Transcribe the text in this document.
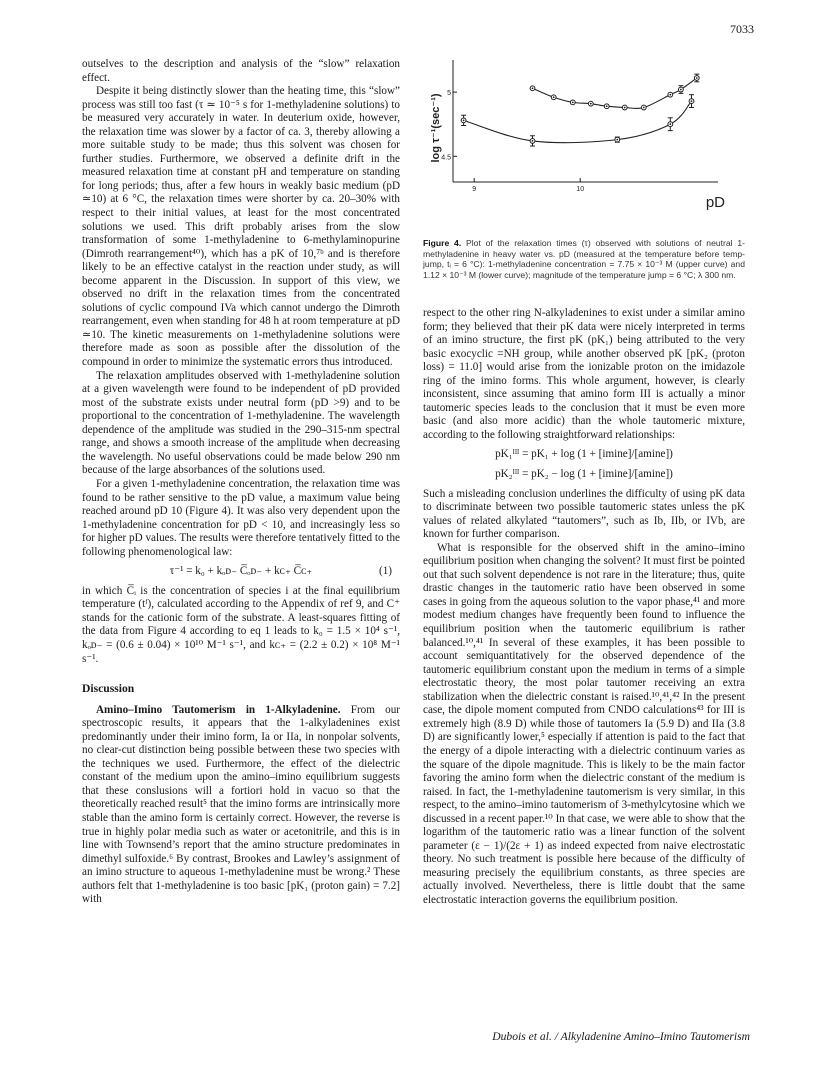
7033

outselves to the description and analysis of the “slow” relaxation effect.

Despite it being distinctly slower than the heating time, this “slow” process was still too fast (τ ≃ 10⁻⁵ s for 1-methyladenine solutions) to be measured very accurately in water. In deuterium oxide, however, the relaxation time was slower by a factor of ca. 3, thereby allowing a more suitable study to be made; thus this solvent was chosen for further studies. Furthermore, we observed a definite drift in the measured relaxation time at constant pH and temperature on standing for long periods; thus, after a few hours in weakly basic medium (pD ≃10) at 6 °C, the relaxation times were shorter by ca. 20–30% with respect to their initial values, at least for the most concentrated solutions we used. This drift probably arises from the slow transformation of some 1-methyladenine to 6-methylaminopurine (Dimroth rearrangement⁴⁰), which has a pK of 10,⁷ᵇ and is therefore likely to be an effective catalyst in the reaction under study, as will become apparent in the Discussion. In support of this view, we observed no drift in the relaxation times from the concentrated solutions of cyclic compound IVa which cannot undergo the Dimroth rearrangement, even when standing for 48 h at room temperature at pD ≃10. The kinetic measurements on 1-methyladenine solutions were therefore made as soon as possible after the dissolution of the compound in order to minimize the systematic errors thus introduced.

The relaxation amplitudes observed with 1-methyladenine solution at a given wavelength were found to be independent of pD provided most of the substrate exists under neutral form (pD >9) and to be proportional to the concentration of 1-methyladenine. The wavelength dependence of the amplitude was studied in the 290–315-nm spectral range, and shows a smooth increase of the amplitude when decreasing the wavelength. No useful observations could be made below 290 nm because of the large absorbances of the solutions used.

For a given 1-methyladenine concentration, the relaxation time was found to be rather sensitive to the pD value, a maximum value being reached around pD 10 (Figure 4). It was also very dependent upon the 1-methyladenine concentration for pD < 10, and increasingly less so for higher pD values. The results were therefore tentatively fitted to the following phenomenological law:

τ⁻¹ = k₀ + kₒᴅ₋ C̅ₒᴅ₋ + kᴄ₊ C̅ᴄ₊	(1)

in which C̅ᵢ is the concentration of species i at the final equilibrium temperature (tᶠ), calculated according to the Appendix of ref 9, and C⁺ stands for the cationic form of the substrate. A least-squares fitting of the data from Figure 4 according to eq 1 leads to k₀ = 1.5 × 10⁴ s⁻¹, kₒᴅ₋ = (0.6 ± 0.04) × 10¹⁰ M⁻¹ s⁻¹, and kᴄ₊ = (2.2 ± 0.2) × 10⁸ M⁻¹ s⁻¹.

Discussion

Amino–Imino Tautomerism in 1-Alkyladenine. From our spectroscopic results, it appears that the 1-alkyladenines exist predominantly under their imino form, Ia or IIa, in nonpolar solvents, no clear-cut distinction being possible between these two species with the techniques we used. Furthermore, the effect of the dielectric constant of the medium upon the amino–imino equilibrium suggests that these conslusions will a fortiori hold in vacuo so that the theoretically reached result⁵ that the imino forms are intrinsically more stable than the amino form is certainly correct. However, the reverse is true in highly polar media such as water or acetonitrile, and this is in line with Townsend’s report that the amino structure predominates in dimethyl sulfoxide.⁶ By contrast, Brookes and Lawley’s assignment of an imino structure to aqueous 1-methyladenine must be wrong.² These authors felt that 1-methyladenine is too basic [pK₁ (proton gain) = 7.2] with

log τ⁻¹(sec⁻¹)
pD
5
4.5
9	10
Figure 4. Plot of the relaxation times (τ) observed with solutions of neutral 1-methyladenine in heavy water vs. pD (measured at the temperature before temp-jump, tᵢ = 6 °C): 1-methyladenine concentration = 7.75 × 10⁻³ M (upper curve) and 1.12 × 10⁻³ M (lower curve); magnitude of the temperature jump = 6 °C; λ 300 nm.

respect to the other ring N-alkyladenines to exist under a similar amino form; they believed that their pK data were nicely interpreted in terms of an imino structure, the first pK (pK₁) being attributed to the very basic exocyclic =NH group, while another observed pK [pK₂ (proton loss) = 11.0] would arise from the ionizable proton on the imidazole ring of the imino forms. This whole argument, however, is clearly inconsistent, since assuming that amino form III is actually a minor tautomeric species leads to the conclusion that it must be even more basic (and also more acidic) than the whole tautomeric mixture, according to the following straightforward relationships:

pK₁ᴵᴵᴵ = pK₁ + log (1 + [imine]/[amine])
pK₂ᴵᴵᴵ = pK₂ − log (1 + [imine]/[amine])

Such a misleading conclusion underlines the difficulty of using pK data to discriminate between two possible tautomeric states unless the pK values of related alkylated “tautomers”, such as Ib, IIb, or IVb, are known for further comparison.

What is responsible for the observed shift in the amino–imino equilibrium position when changing the solvent? It must first be pointed out that such solvent dependence is not rare in the literature; thus, quite drastic changes in the tautomeric ratio have been observed in some cases in going from the aqueous solution to the vapor phase,⁴¹ and more modest medium changes have frequently been found to influence the equilibrium position when the tautomeric equilibrium is rather balanced.¹⁰,⁴¹ In several of these examples, it has been possible to account semiquantitatively for the observed dependence of the tautomeric equilibrium constant upon the medium in terms of a simple electrostatic theory, the most polar tautomer receiving an extra stabilization when the dielectric constant is raised.¹⁰,⁴¹,⁴² In the present case, the dipole moment computed from CNDO calculations⁴³ for III is extremely high (8.9 D) while those of tautomers Ia (5.9 D) and IIa (3.8 D) are significantly lower,⁵ especially if attention is paid to the fact that the energy of a dipole interacting with a dielectric continuum varies as the square of the dipole magnitude. This is likely to be the main factor favoring the amino form when the dielectric constant of the medium is raised. In fact, the 1-methyladenine tautomerism is very similar, in this respect, to the amino–imino tautomerism of 3-methylcytosine which we discussed in a recent paper.¹⁰ In that case, we were able to show that the logarithm of the tautomeric ratio was a linear function of the solvent parameter (ε − 1)/(2ε + 1) as indeed expected from naive electrostatic theory. No such treatment is possible here because of the difficulty of measuring precisely the equilibrium constants, as three species are actually involved. Nevertheless, there is little doubt that the same electrostatic interaction governs the equilibrium position.

Dubois et al. / Alkyladenine Amino–Imino Tautomerism
